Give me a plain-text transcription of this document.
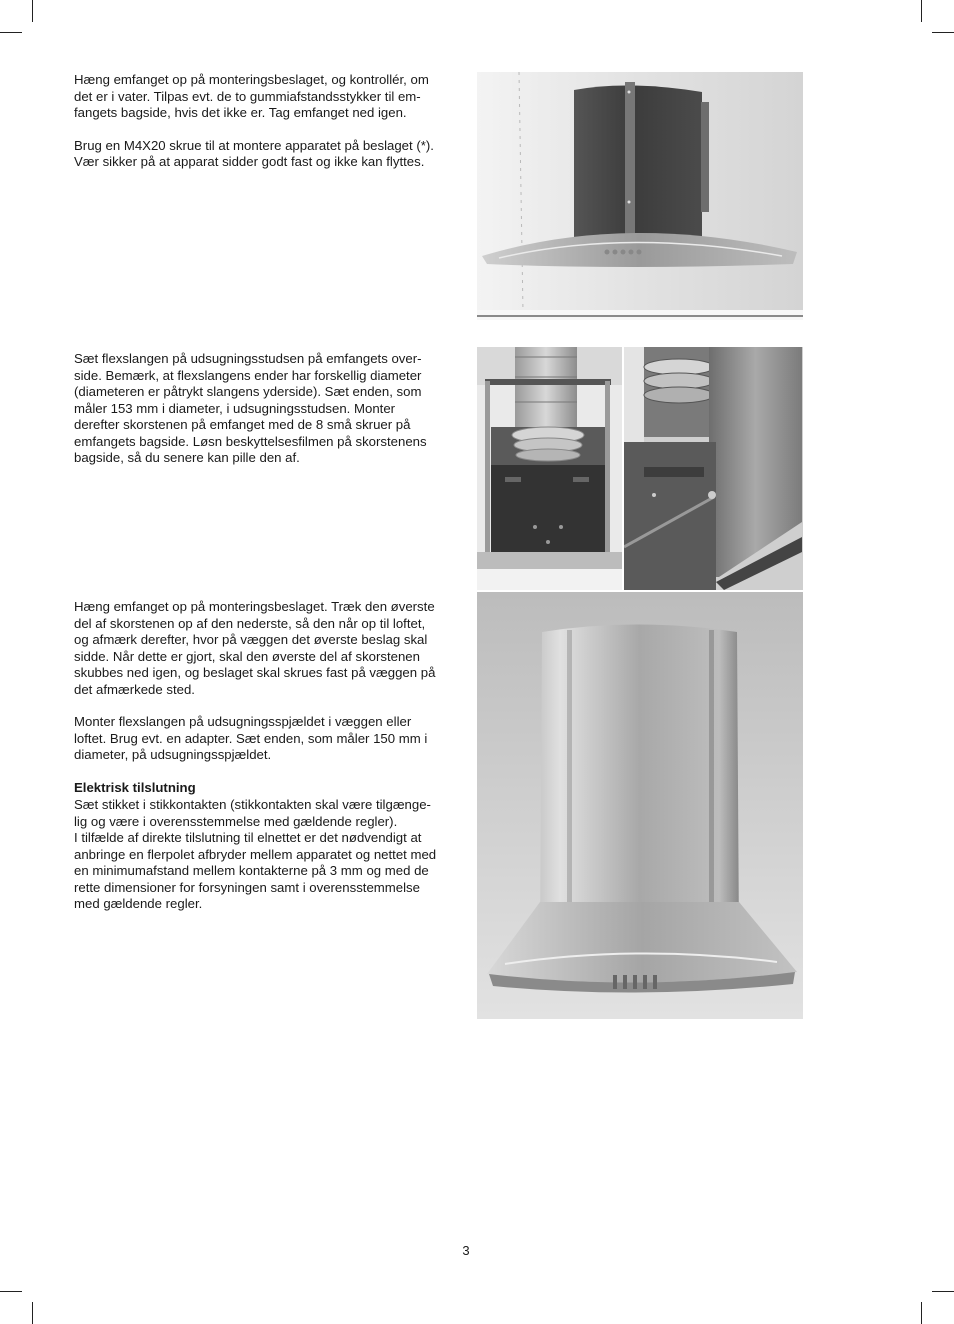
Hæng emfanget op på monteringsbeslaget, og kontrollér, om
det er i vater. Tilpas evt. de to gummiafstandsstykker til em-
fangets bagside, hvis det ikke er. Tag emfanget ned igen.

Brug en M4X20 skrue til at montere apparatet på beslaget (*).
Vær sikker på at apparat sidder godt fast og ikke kan flyttes.

Sæt flexslangen på udsugningsstudsen på emfangets over-
side. Bemærk, at flexslangens ender har forskellig diameter
(diameteren er påtrykt slangens yderside). Sæt enden, som
måler 153 mm i diameter, i udsugningsstudsen. Monter
derefter skorstenen på emfanget med de 8 små skruer på
emfangets bagside. Løsn beskyttelsesfilmen på skorstenens
bagside, så du senere kan pille den af.

Hæng emfanget op på monteringsbeslaget. Træk den øverste
del af skorstenen op af den nederste, så den når op til loftet,
og afmærk derefter, hvor på væggen det øverste beslag skal
sidde. Når dette er gjort, skal den øverste del af skorstenen
skubbes ned igen, og beslaget skal skrues fast på væggen på
det afmærkede sted.

Monter flexslangen på udsugningsspjældet i væggen eller
loftet. Brug evt. en adapter. Sæt enden, som måler 150 mm i
diameter, på udsugningsspjældet.

Elektrisk tilslutning

Sæt stikket i stikkontakten (stikkontakten skal være tilgænge-
lig og være i overensstemmelse med gældende regler).
I tilfælde af direkte tilslutning til elnettet er det nødvendigt at
anbringe en flerpolet afbryder mellem apparatet og nettet med
en minimumafstand mellem kontakterne på 3 mm og med de
rette dimensioner for forsyningen samt i overensstemmelse
med gældende regler.

3
